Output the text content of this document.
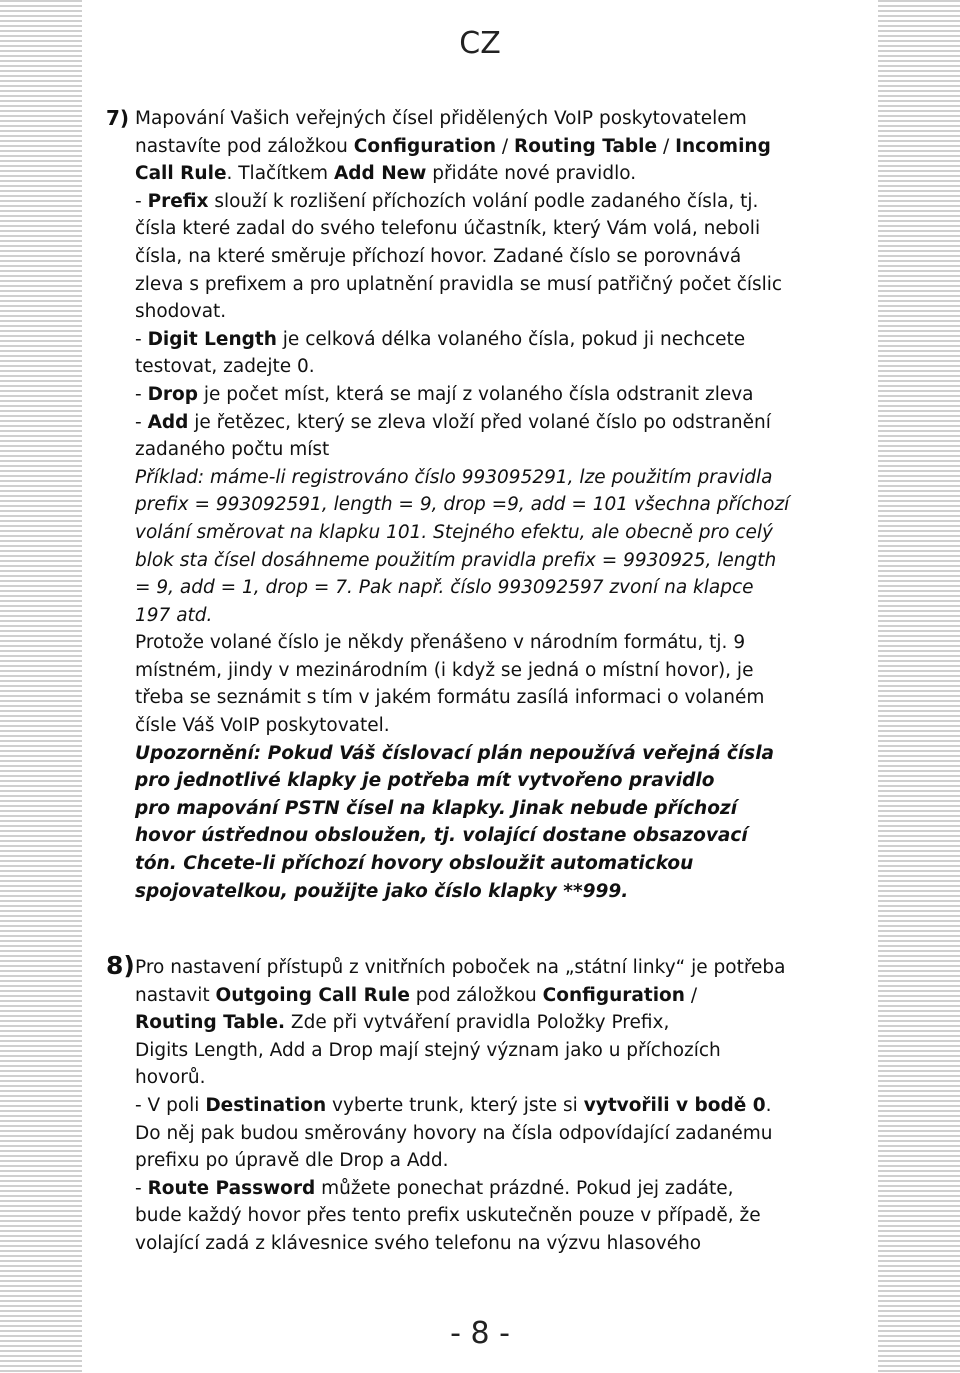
CZ
7) Mapování Vašich veřejných čísel přidělených VoIP poskytovatelem
nastavíte pod záložkou Configuration / Routing Table / Incoming
Call Rule. Tlačítkem Add New přidáte nové pravidlo.
- Prefix slouží k rozlišení příchozích volání podle zadaného čísla, tj.
čísla které zadal do svého telefonu účastník, který Vám volá, neboli
čísla, na které směruje příchozí hovor. Zadané číslo se porovnává
zleva s prefixem a pro uplatnění pravidla se musí patřičný počet číslic
shodovat.
- Digit Length je celková délka volaného čísla, pokud ji nechcete
testovat, zadejte 0.
- Drop je počet míst, která se mají z volaného čísla odstranit zleva
- Add je řetězec, který se zleva vloží před volané číslo po odstranění
zadaného počtu míst
Příklad: máme-li registrováno číslo 993095291, lze použitím pravidla
prefix = 993092591, length = 9, drop =9, add = 101 všechna příchozí
volání směrovat na klapku 101. Stejného efektu, ale obecně pro celý
blok sta čísel dosáhneme použitím pravidla prefix = 9930925, length
= 9, add = 1, drop = 7. Pak např. číslo 993092597 zvoní na klapce
197 atd.
Protože volané číslo je někdy přenášeno v národním formátu, tj. 9
místném, jindy v mezinárodním (i když se jedná o místní hovor), je
třeba se seznámit s tím v jakém formátu zasílá informaci o volaném
čísle Váš VoIP poskytovatel.
Upozornění: Pokud Váš číslovací plán nepoužívá veřejná čísla
pro jednotlivé klapky je potřeba mít vytvořeno pravidlo
pro mapování PSTN čísel na klapky. Jinak nebude příchozí
hovor ústřednou obsloužen, tj. volající dostane obsazovací
tón. Chcete-li příchozí hovory obsloužit automatickou
spojovatelkou, použijte jako číslo klapky **999.
8) Pro nastavení přístupů z vnitřních poboček na „státní linky“ je potřeba
nastavit Outgoing Call Rule pod záložkou Configuration /
Routing Table. Zde při vytváření pravidla Položky Prefix,
Digits Length, Add a Drop mají stejný význam jako u příchozích
hovorů.
- V poli Destination vyberte trunk, který jste si vytvořili v bodě 0.
Do něj pak budou směrovány hovory na čísla odpovídající zadanému
prefixu po úpravě dle Drop a Add.
- Route Password můžete ponechat prázdné. Pokud jej zadáte,
bude každý hovor přes tento prefix uskutečněn pouze v případě, že
volající zadá z klávesnice svého telefonu na výzvu hlasového
- 8 -
